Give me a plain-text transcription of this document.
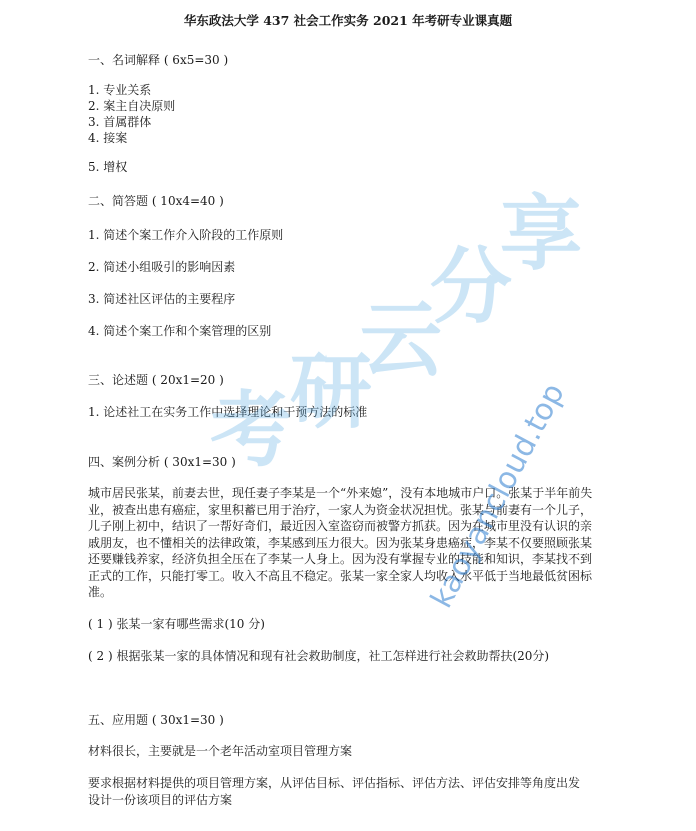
华东政法大学 437 社会工作实务 2021 年考研专业课真题
一、名词解释 ( 6x5=30 )
1. 专业关系
2. 案主自决原则
3. 首属群体
4. 接案
5. 增权
二、简答题 ( 10x4=40 )
1. 简述个案工作介入阶段的工作原则
2. 简述小组吸引的影响因素
3. 简述社区评估的主要程序
4. 简述个案工作和个案管理的区别
三、论述题 ( 20x1=20 )
1. 论述社工在实务工作中选择理论和干预方法的标准
四、案例分析 ( 30x1=30 )
城市居民张某，前妻去世，现任妻子李某是一个“外来媳”，没有本地城市户口。张某于半年前失业，被查出患有癌症，家里积蓄已用于治疗，一家人为资金状况担忧。张某与前妻有一个儿子，儿子刚上初中，结识了一帮好奇们，最近因入室盗窃而被警方抓获。因为在城市里没有认识的亲戚朋友，也不懂相关的法律政策，李某感到压力很大。因为张某身患癌症，李某不仅要照顾张某还要赚钱养家，经济负担全压在了李某一人身上。因为没有掌握专业的技能和知识，李某找不到正式的工作，只能打零工。收入不高且不稳定。张某一家全家人均收入水平低于当地最低贫困标准。
( 1 ) 张某一家有哪些需求(10 分)
( 2 ) 根据张某一家的具体情况和现有社会救助制度，社工怎样进行社会救助帮扶(20分)
五、应用题 ( 30x1=30 )
材料很长，主要就是一个老年活动室项目管理方案
要求根据材料提供的项目管理方案，从评估目标、评估指标、评估方法、评估安排等角度出发设计一份该项目的评估方案
考
研
云
分
享
kaoyancloud.top
